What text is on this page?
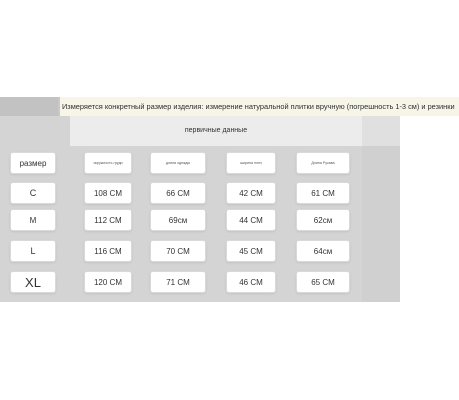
Измеряется конкретный размер изделия: измерение натуральной плитки вручную (погрешность 1-3 см) и резинки
первичные данные
размер	окружность груди	длина одежды	ширина плеч	Длина Рукава
С	108 CM	66 CM	42 CM	61 CM
М	112 CM	69см	44 CM	62см
L	116 CM	70 CM	45 CM	64см
XL	120 CM	71 CM	46 CM	65 CM
